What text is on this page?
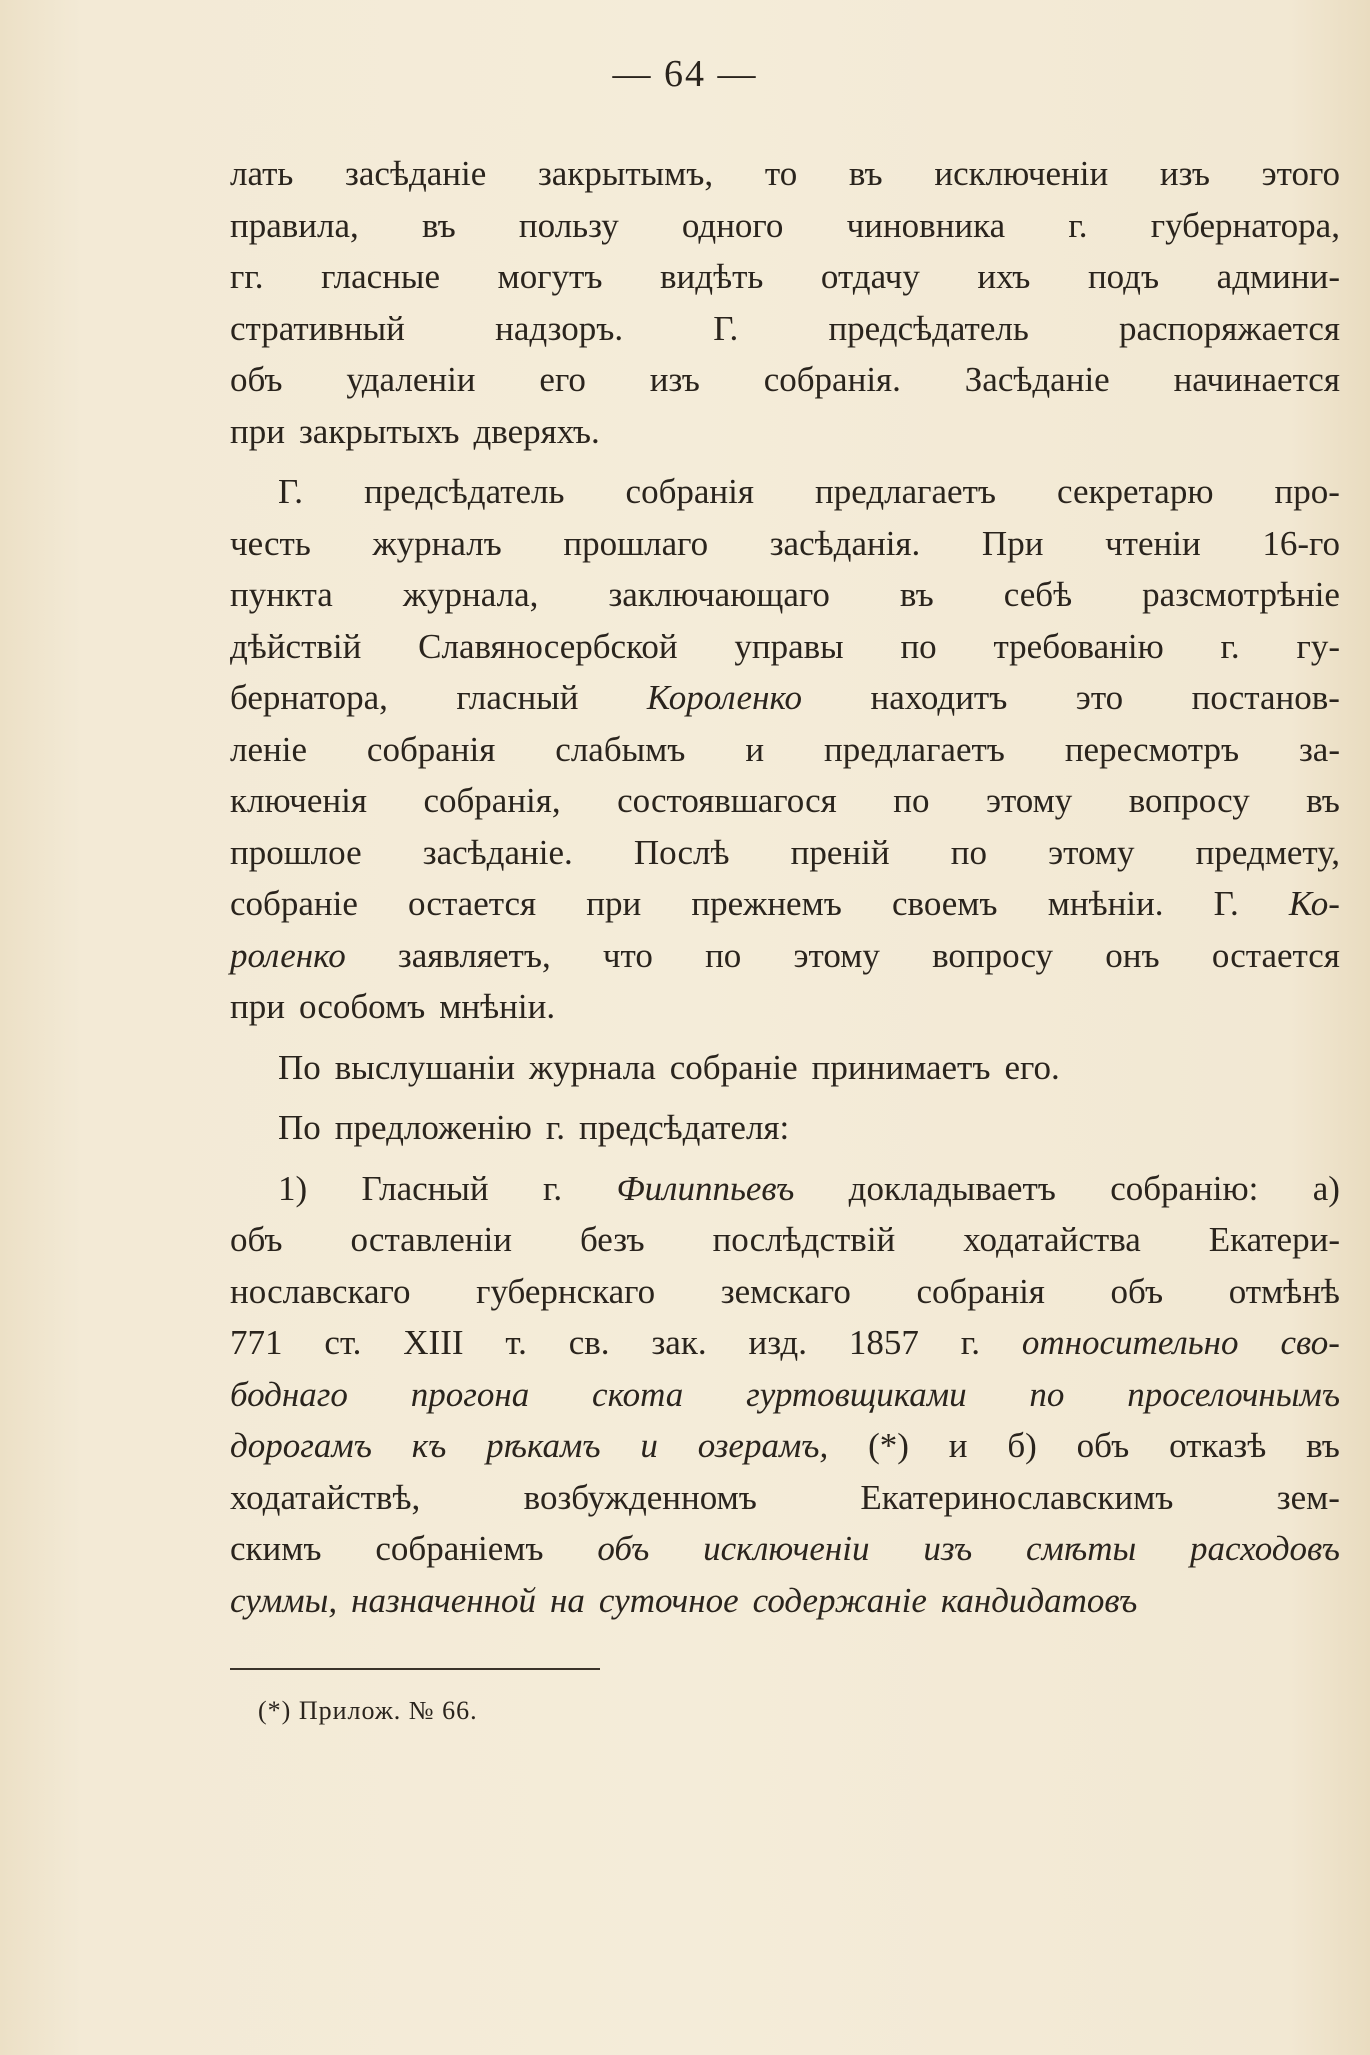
— 64 —
лать засѣданіе закрытымъ, то въ исключеніи изъ этого
правила, въ пользу одного чиновника г. губернатора,
гг. гласные могутъ видѣть отдачу ихъ подъ админи-
стративный	надзоръ.	Г.	предсѣдатель	распоряжается
объ удаленіи его изъ собранія. Засѣданіе начинается
при закрытыхъ дверяхъ.
Г. предсѣдатель собранія предлагаетъ секретарю про-
честь журналъ прошлаго засѣданія. При чтеніи 16-го
пункта журнала, заключающаго въ себѣ разсмотрѣніе
дѣйствій Славяносербской управы по требованію г. гу-
бернатора, гласный Короленко находитъ это постанов-
леніе собранія слабымъ и предлагаетъ пересмотръ за-
ключенія собранія, состоявшагося по этому вопросу въ
прошлое засѣданіе. Послѣ преній по этому предмету,
собраніе остается при прежнемъ своемъ мнѣніи. Г. Ко-
роленко заявляетъ, что по этому вопросу онъ остается
при особомъ мнѣніи.
По выслушаніи журнала собраніе принимаетъ его.
По предложенію г. предсѣдателя:
1) Гласный г. Филиппьевъ докладываетъ собранію: а)
объ оставленіи безъ послѣдствій ходатайства Екатери-
нославскаго губернскаго земскаго собранія объ отмѣнѣ
771 ст. XIII т. св. зак. изд. 1857 г. относительно сво-
боднаго прогона скота гуртовщиками по проселочнымъ
дорогамъ къ рѣкамъ и озерамъ, (*) и б) объ отказѣ въ
ходатайствѣ,	возбужденномъ	Екатеринославскимъ	зем-
скимъ собраніемъ объ исключеніи изъ смѣты расходовъ
суммы, назначенной на суточное содержаніе кандидатовъ
(*) Прилож. № 66.
